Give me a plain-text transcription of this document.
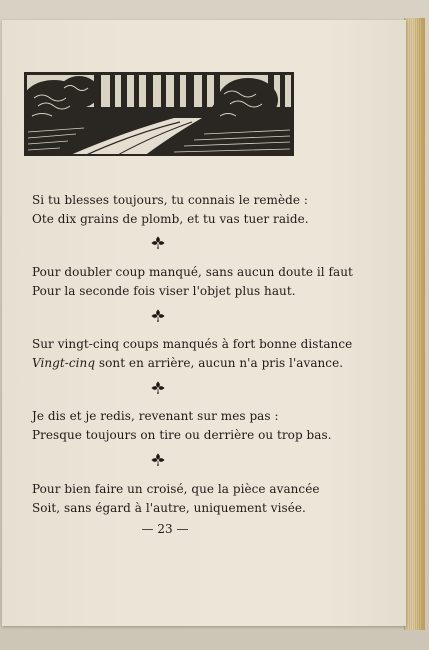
Si tu blesses toujours, tu connais le remède :
Ote dix grains de plomb, et tu vas tuer raide.
Pour doubler coup manqué, sans aucun doute il faut
Pour la seconde fois viser l'objet plus haut.
Sur vingt-cinq coups manqués à fort bonne distance
Vingt-cinq sont en arrière, aucun n'a pris l'avance.
Je dis et je redis, revenant sur mes pas :
Presque toujours on tire ou derrière ou trop bas.
Pour bien faire un croisé, que la pièce avancée
Soit, sans égard à l'autre, uniquement visée.
— 23 —
